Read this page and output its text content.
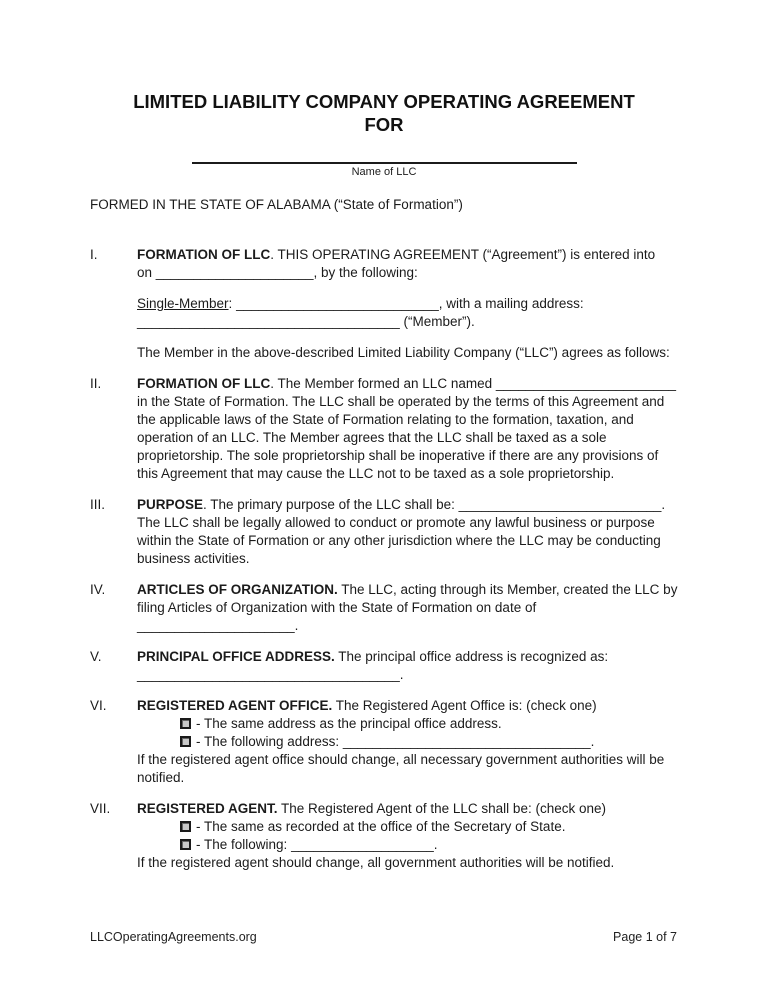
LIMITED LIABILITY COMPANY OPERATING AGREEMENT
FOR
Name of LLC

FORMED IN THE STATE OF ALABAMA (“State of Formation”)

I.	FORMATION OF LLC. THIS OPERATING AGREEMENT (“Agreement”) is entered into
on _____________________, by the following:

Single-Member: ___________________________, with a mailing address:
___________________________________ (“Member”).

The Member in the above-described Limited Liability Company (“LLC”) agrees as follows:

II.	FORMATION OF LLC. The Member formed an LLC named ________________________
in the State of Formation. The LLC shall be operated by the terms of this Agreement and the applicable laws of the State of Formation relating to the formation, taxation, and operation of an LLC. The Member agrees that the LLC shall be taxed as a sole proprietorship. The sole proprietorship shall be inoperative if there are any provisions of this Agreement that may cause the LLC not to be taxed as a sole proprietorship.

III.	PURPOSE. The primary purpose of the LLC shall be: ___________________________.
The LLC shall be legally allowed to conduct or promote any lawful business or purpose within the State of Formation or any other jurisdiction where the LLC may be conducting business activities.

IV.	ARTICLES OF ORGANIZATION. The LLC, acting through its Member, created the LLC by filing Articles of Organization with the State of Formation on date of
_____________________.

V.	PRINCIPAL OFFICE ADDRESS. The principal office address is recognized as:
___________________________________.

VI.	REGISTERED AGENT OFFICE. The Registered Agent Office is: (check one)

- The same address as the principal office address.
- The following address: _________________________________.

If the registered agent office should change, all necessary government authorities will be notified.

VII.	REGISTERED AGENT. The Registered Agent of the LLC shall be: (check one)

- The same as recorded at the office of the Secretary of State.
- The following: ___________________.

If the registered agent should change, all government authorities will be notified.

LLCOperatingAgreements.org	Page 1 of 7
